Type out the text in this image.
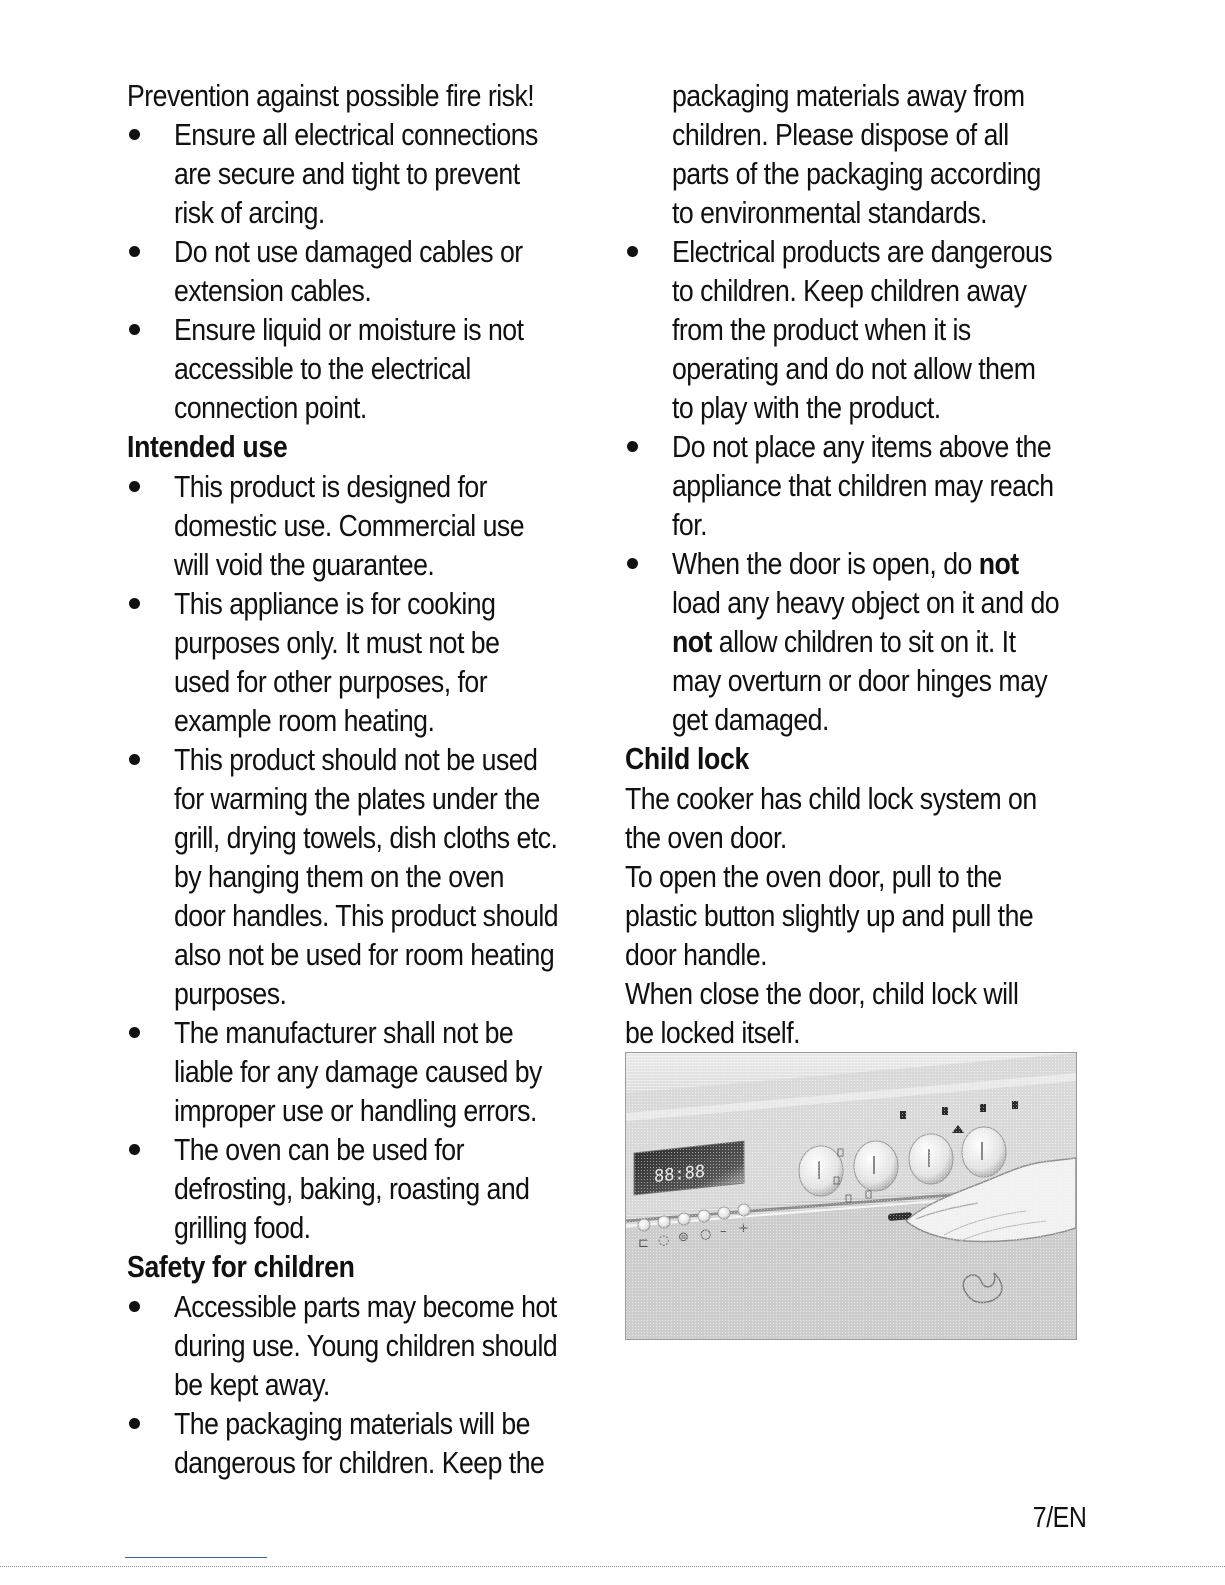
Prevention against possible fire risk!
Ensure all electrical connections
are secure and tight to prevent
risk of arcing.
Do not use damaged cables or
extension cables.
Ensure liquid or moisture is not
accessible to the electrical
connection point.
Intended use
This product is designed for
domestic use. Commercial use
will void the guarantee.
This appliance is for cooking
purposes only. It must not be
used for other purposes, for
example room heating.
This product should not be used
for warming the plates under the
grill, drying towels, dish cloths etc.
by hanging them on the oven
door handles. This product should
also not be used for room heating
purposes.
The manufacturer shall not be
liable for any damage caused by
improper use or handling errors.
The oven can be used for
defrosting, baking, roasting and
grilling food.
Safety for children
Accessible parts may become hot
during use. Young children should
be kept away.
The packaging materials will be
dangerous for children. Keep the
packaging materials away from
children. Please dispose of all
parts of the packaging according
to environmental standards.
Electrical products are dangerous
to children. Keep children away
from the product when it is
operating and do not allow them
to play with the product.
Do not place any items above the
appliance that children may reach
for.
When the door is open, do not
load any heavy object on it and do
not allow children to sit on it. It
may overturn or door hinges may
get damaged.
Child lock
The cooker has child lock system on
the oven door.
To open the oven door, pull to the
plastic button slightly up and pull the
door handle.
When close the door, child lock will
be locked itself.
7/EN
